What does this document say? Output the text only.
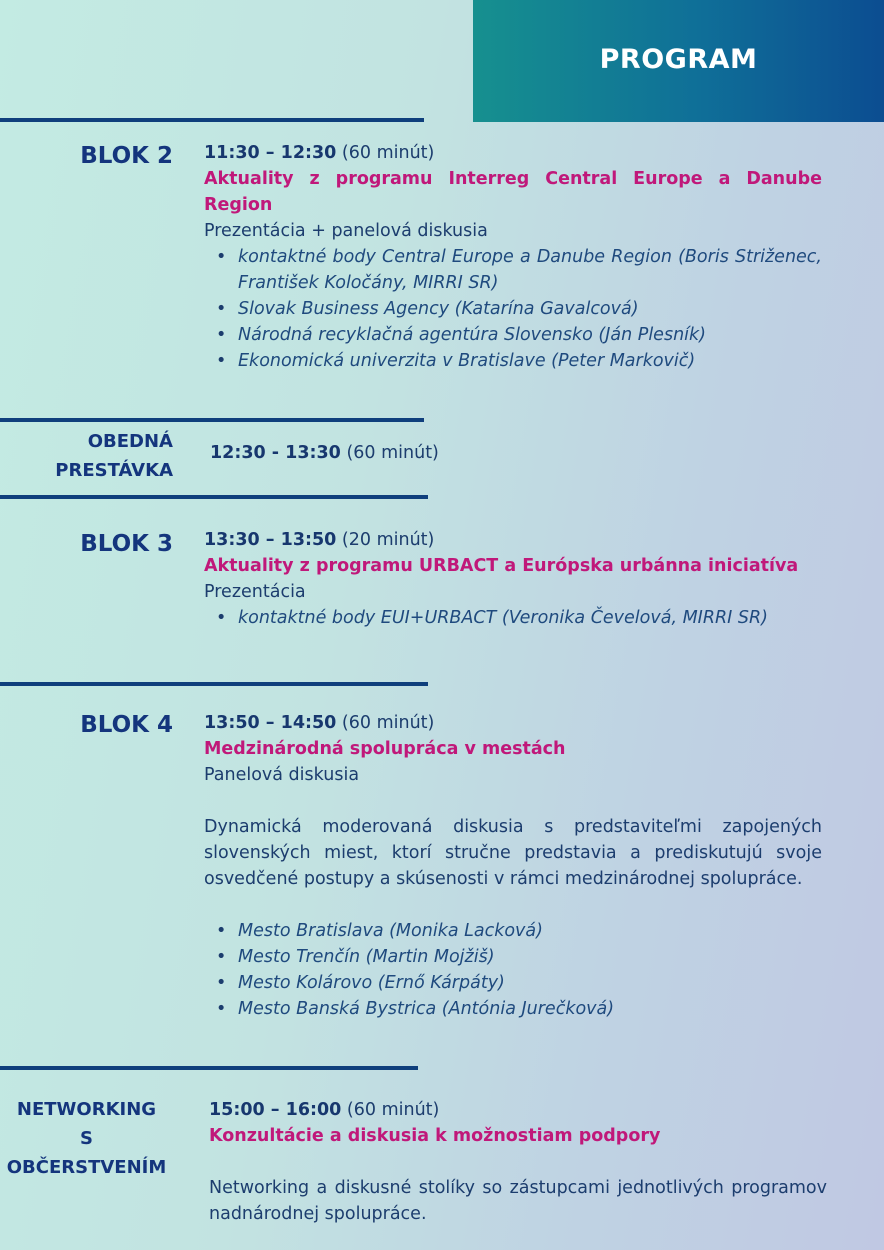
PROGRAM
BLOK 2 11:30 – 12:30 (60 minút)
Aktuality z programu Interreg Central Europe a Danube Region
Prezentácia + panelová diskusia
• kontaktné body Central Europe a Danube Region (Boris Striženec, František Koločány, MIRRI SR)
• Slovak Business Agency (Katarína Gavalcová)
• Národná recyklačná agentúra Slovensko (Ján Plesník)
• Ekonomická univerzita v Bratislave (Peter Markovič)
OBEDNÁ
PRESTÁVKA
12:30 - 13:30 (60 minút)
BLOK 3 13:30 – 13:50 (20 minút)
Aktuality z programu URBACT a Európska urbánna iniciatíva
Prezentácia
• kontaktné body EUI+URBACT (Veronika Čevelová, MIRRI SR)
BLOK 4 13:50 – 14:50 (60 minút)
Medzinárodná spolupráca v mestách
Panelová diskusia
Dynamická moderovaná diskusia s predstaviteľmi zapojených slovenských miest, ktorí stručne predstavia a prediskutujú svoje osvedčené postupy a skúsenosti v rámci medzinárodnej spolupráce.
• Mesto Bratislava (Monika Lacková)
• Mesto Trenčín (Martin Mojžiš)
• Mesto Kolárovo (Ernő Kárpáty)
• Mesto Banská Bystrica (Antónia Jurečková)
NETWORKING
S
OBČERSTVENÍM
15:00 – 16:00 (60 minút)
Konzultácie a diskusia k možnostiam podpory
Networking a diskusné stolíky so zástupcami jednotlivých programov nadnárodnej spolupráce.
